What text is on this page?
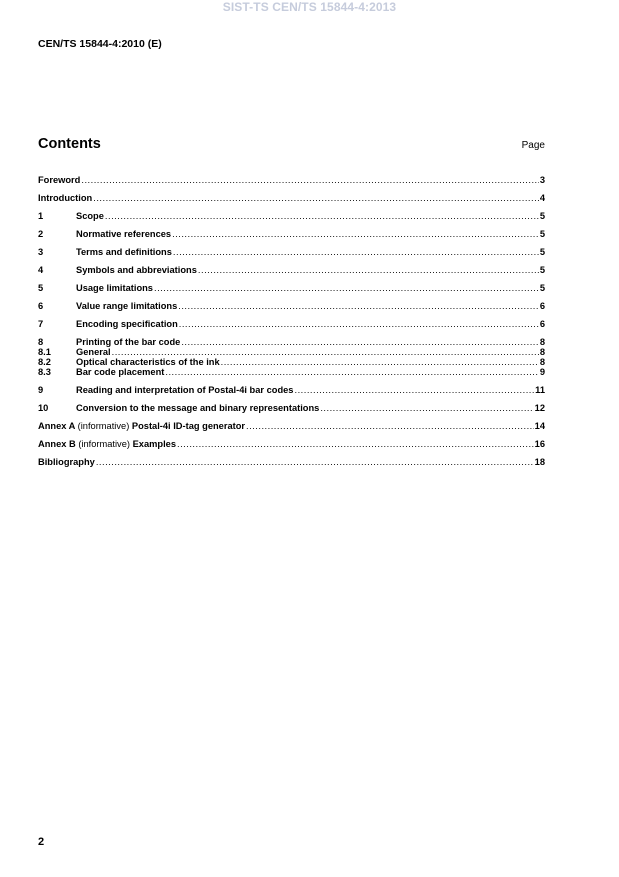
SIST-TS CEN/TS 15844-4:2013
CEN/TS 15844-4:2010 (E)
Contents	Page
Foreword .....	3
Introduction .....	4
1	Scope .....	5
2	Normative references .....	5
3	Terms and definitions .....	5
4	Symbols and abbreviations .....	5
5	Usage limitations .....	5
6	Value range limitations .....	6
7	Encoding specification .....	6
8	Printing of the bar code .....	8
8.1	General .....	8
8.2	Optical characteristics of the ink .....	8
8.3	Bar code placement .....	9
9	Reading and interpretation of Postal-4i bar codes .....	11
10	Conversion to the message and binary representations .....	12
Annex A (informative) Postal-4i ID-tag generator .....	14
Annex B (informative) Examples .....	16
Bibliography .....	18
2
